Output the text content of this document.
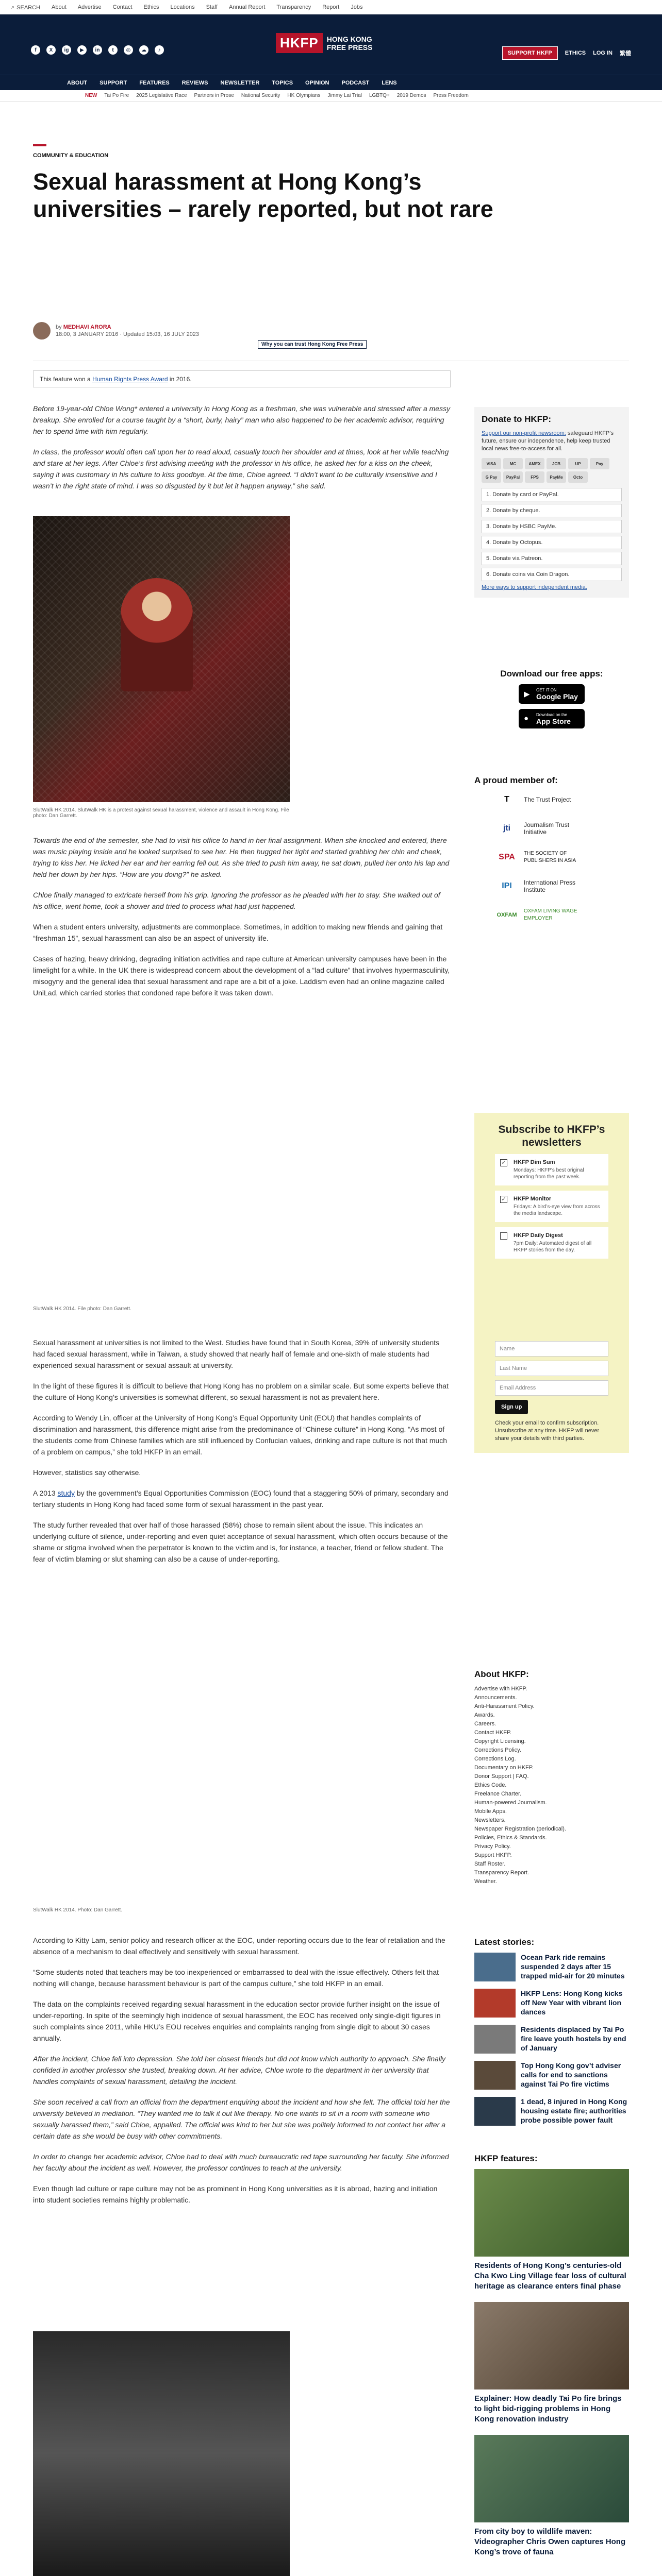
⌕ SEARCH About Advertise Contact Ethics Locations Staff Annual Report Transparency Report Jobs
f	X	ig	▶	in	t	◎	☁	♪	HKFP	HONG KONG
FREE PRESS
SUPPORT HKFP	ETHICS LOG IN 繁體
ABOUT SUPPORT FEATURES REVIEWS NEWSLETTER TOPICS OPINION PODCAST LENS
NEW Tai Po Fire 2025 Legislative Race Partners in Prose National Security HK Olympians Jimmy Lai Trial LGBTQ+ 2019 Demos Press Freedom
COMMUNITY & EDUCATION
Sexual harassment at Hong Kong’s universities – rarely reported, but not rare
by MEDHAVI ARORA
18:00, 3 JANUARY 2016 · Updated 15:03, 16 JULY 2023
Why you can trust Hong Kong Free Press
This feature won a Human Rights Press Award in 2016.

Before 19-year-old Chloe Wong* entered a university in Hong Kong as a freshman, she was vulnerable and stressed after a messy breakup. She enrolled for a course taught by a “short, burly, hairy” man who also happened to be her academic advisor, requiring her to spend time with him regularly.

In class, the professor would often call upon her to read aloud, casually touch her shoulder and at times, look at her while teaching and stare at her legs. After Chloe’s first advising meeting with the professor in his office, he asked her for a kiss on the cheek, saying it was customary in his culture to kiss goodbye. At the time, Chloe agreed. “I didn’t want to be culturally insensitive and I wasn’t in the right state of mind. I was so disgusted by it but let it happen anyway,” she said.

SlutWalk HK 2014. SlutWalk HK is a protest against sexual harassment, violence and assault in Hong Kong. File photo: Dan Garrett.

Towards the end of the semester, she had to visit his office to hand in her final assignment. When she knocked and entered, there was music playing inside and he looked surprised to see her. He then hugged her tight and started grabbing her chin and cheek, trying to kiss her. He licked her ear and her earring fell out. As she tried to push him away, he sat down, pulled her onto his lap and held her down by her hips. “How are you doing?” he asked.

Chloe finally managed to extricate herself from his grip. Ignoring the professor as he pleaded with her to stay. She walked out of his office, went home, took a shower and tried to process what had just happened.

When a student enters university, adjustments are commonplace. Sometimes, in addition to making new friends and gaining that “freshman 15”, sexual harassment can also be an aspect of university life.

Cases of hazing, heavy drinking, degrading initiation activities and rape culture at American university campuses have been in the limelight for a while. In the UK there is widespread concern about the development of a “lad culture” that involves hypermasculinity, misogyny and the general idea that sexual harassment and rape are a bit of a joke. Laddism even had an online magazine called UniLad, which carried stories that condoned rape before it was taken down.

SlutWalk HK 2014. File photo: Dan Garrett.

Sexual harassment at universities is not limited to the West. Studies have found that in South Korea, 39% of university students had faced sexual harassment, while in Taiwan, a study showed that nearly half of female and one-sixth of male students had experienced sexual harassment or sexual assault at university.

In the light of these figures it is difficult to believe that Hong Kong has no problem on a similar scale. But some experts believe that the culture of Hong Kong’s universities is somewhat different, so sexual harassment is not as prevalent here.

According to Wendy Lin, officer at the University of Hong Kong’s Equal Opportunity Unit (EOU) that handles complaints of discrimination and harassment, this difference might arise from the predominance of “Chinese culture” in Hong Kong. “As most of the students come from Chinese families which are still influenced by Confucian values, drinking and rape culture is not that much of a problem on campus,” she told HKFP in an email.

However, statistics say otherwise.

A 2013 study by the government’s Equal Opportunities Commission (EOC) found that a staggering 50% of primary, secondary and tertiary students in Hong Kong had faced some form of sexual harassment in the past year.

The study further revealed that over half of those harassed (58%) chose to remain silent about the issue. This indicates an underlying culture of silence, under-reporting and even quiet acceptance of sexual harassment, which often occurs because of the shame or stigma involved when the perpetrator is known to the victim and is, for instance, a teacher, friend or fellow student. The fear of victim blaming or slut shaming can also be a cause of under-reporting.

SlutWalk HK 2014. Photo: Dan Garrett.

According to Kitty Lam, senior policy and research officer at the EOC, under-reporting occurs due to the fear of retaliation and the absence of a mechanism to deal effectively and sensitively with sexual harassment.

“Some students noted that teachers may be too inexperienced or embarrassed to deal with the issue effectively. Others felt that nothing will change, because harassment behaviour is part of the campus culture,” she told HKFP in an email.

The data on the complaints received regarding sexual harassment in the education sector provide further insight on the issue of under-reporting. In spite of the seemingly high incidence of sexual harassment, the EOC has received only single-digit figures in such complaints since 2011, while HKU’s EOU receives enquiries and complaints ranging from single digit to about 30 cases annually.

After the incident, Chloe fell into depression. She told her closest friends but did not know which authority to approach. She finally confided in another professor she trusted, breaking down. At her advice, Chloe wrote to the department in her university that handles complaints of sexual harassment, detailing the incident.

She soon received a call from an official from the department enquiring about the incident and how she felt. The official told her the university believed in mediation. “They wanted me to talk it out like therapy. No one wants to sit in a room with someone who sexually harassed them,” said Chloe, appalled. The official was kind to her but she was politely informed to not contact her after a certain date as she would be busy with other commitments.

In order to change her academic advisor, Chloe had to deal with much bureaucratic red tape surrounding her faculty. She informed her faculty about the incident as well. However, the professor continues to teach at the university.

Even though lad culture or rape culture may not be as prominent in Hong Kong universities as it is abroad, hazing and initiation into student societies remains highly problematic.

Donate to HKFP:
Support our non-profit newsroom: safeguard HKFP’s future, ensure our independence, help keep trusted local news free-to-access for all.
VISA	MC	AMEX	JCB	UP	Pay
G Pay	PayPal	FPS	PayMe	Octo
1. Donate by card or PayPal.
2. Donate by cheque.
3. Donate by HSBC PayMe.
4. Donate by Octopus.
5. Donate via Patreon.
6. Donate coins via Coin Dragon.
More ways to support independent media.
Download our free apps:
▶	GET IT ON
Google Play
●	Download on the
App Store
A proud member of:
T	The Trust Project
jti	Journalism Trust Initiative
SPA	THE SOCIETY OF PUBLISHERS IN ASIA
IPI	International Press Institute
OXFAM
OXFAM LIVING WAGE EMPLOYER
Subscribe to HKFP’s newsletters
✓ HKFP Dim Sum
Mondays: HKFP’s best original reporting from the past week.
✓ HKFP Monitor
Fridays: A bird’s-eye view from across the media landscape.
HKFP Daily Digest
7pm Daily: Automated digest of all HKFP stories from the day.
Name
Last Name
Email Address
Sign up
Check your email to confirm subscription. Unsubscribe at any time. HKFP will never share your details with third parties.
About HKFP:
Advertise with HKFP.
Announcements.
Anti-Harassment Policy.
Awards.
Careers.
Contact HKFP.
Copyright Licensing.
Corrections Policy.
Corrections Log.
Documentary on HKFP.
Donor Support | FAQ.
Ethics Code.
Freelance Charter.
Human-powered Journalism.
Mobile Apps.
Newsletters.
Newspaper Registration (periodical).
Policies, Ethics & Standards.
Privacy Policy.
Support HKFP.
Staff Roster.
Transparency Report.
Weather.
Latest stories:
Ocean Park ride remains suspended 2 days after 15 trapped mid-air for 20 minutes
HKFP Lens: Hong Kong kicks off New Year with vibrant lion dances
Residents displaced by Tai Po fire leave youth hostels by end of January
Top Hong Kong gov’t adviser calls for end to sanctions against Tai Po fire victims
1 dead, 8 injured in Hong Kong housing estate fire; authorities probe possible power fault
HKFP features:
Residents of Hong Kong’s centuries-old Cha Kwo Ling Village fear loss of cultural heritage as clearance enters final phase
Explainer: How deadly Tai Po fire brings to light bid-rigging problems in Hong Kong renovation industry
From city boy to wildlife maven: Videographer Chris Owen captures Hong Kong’s trove of fauna
